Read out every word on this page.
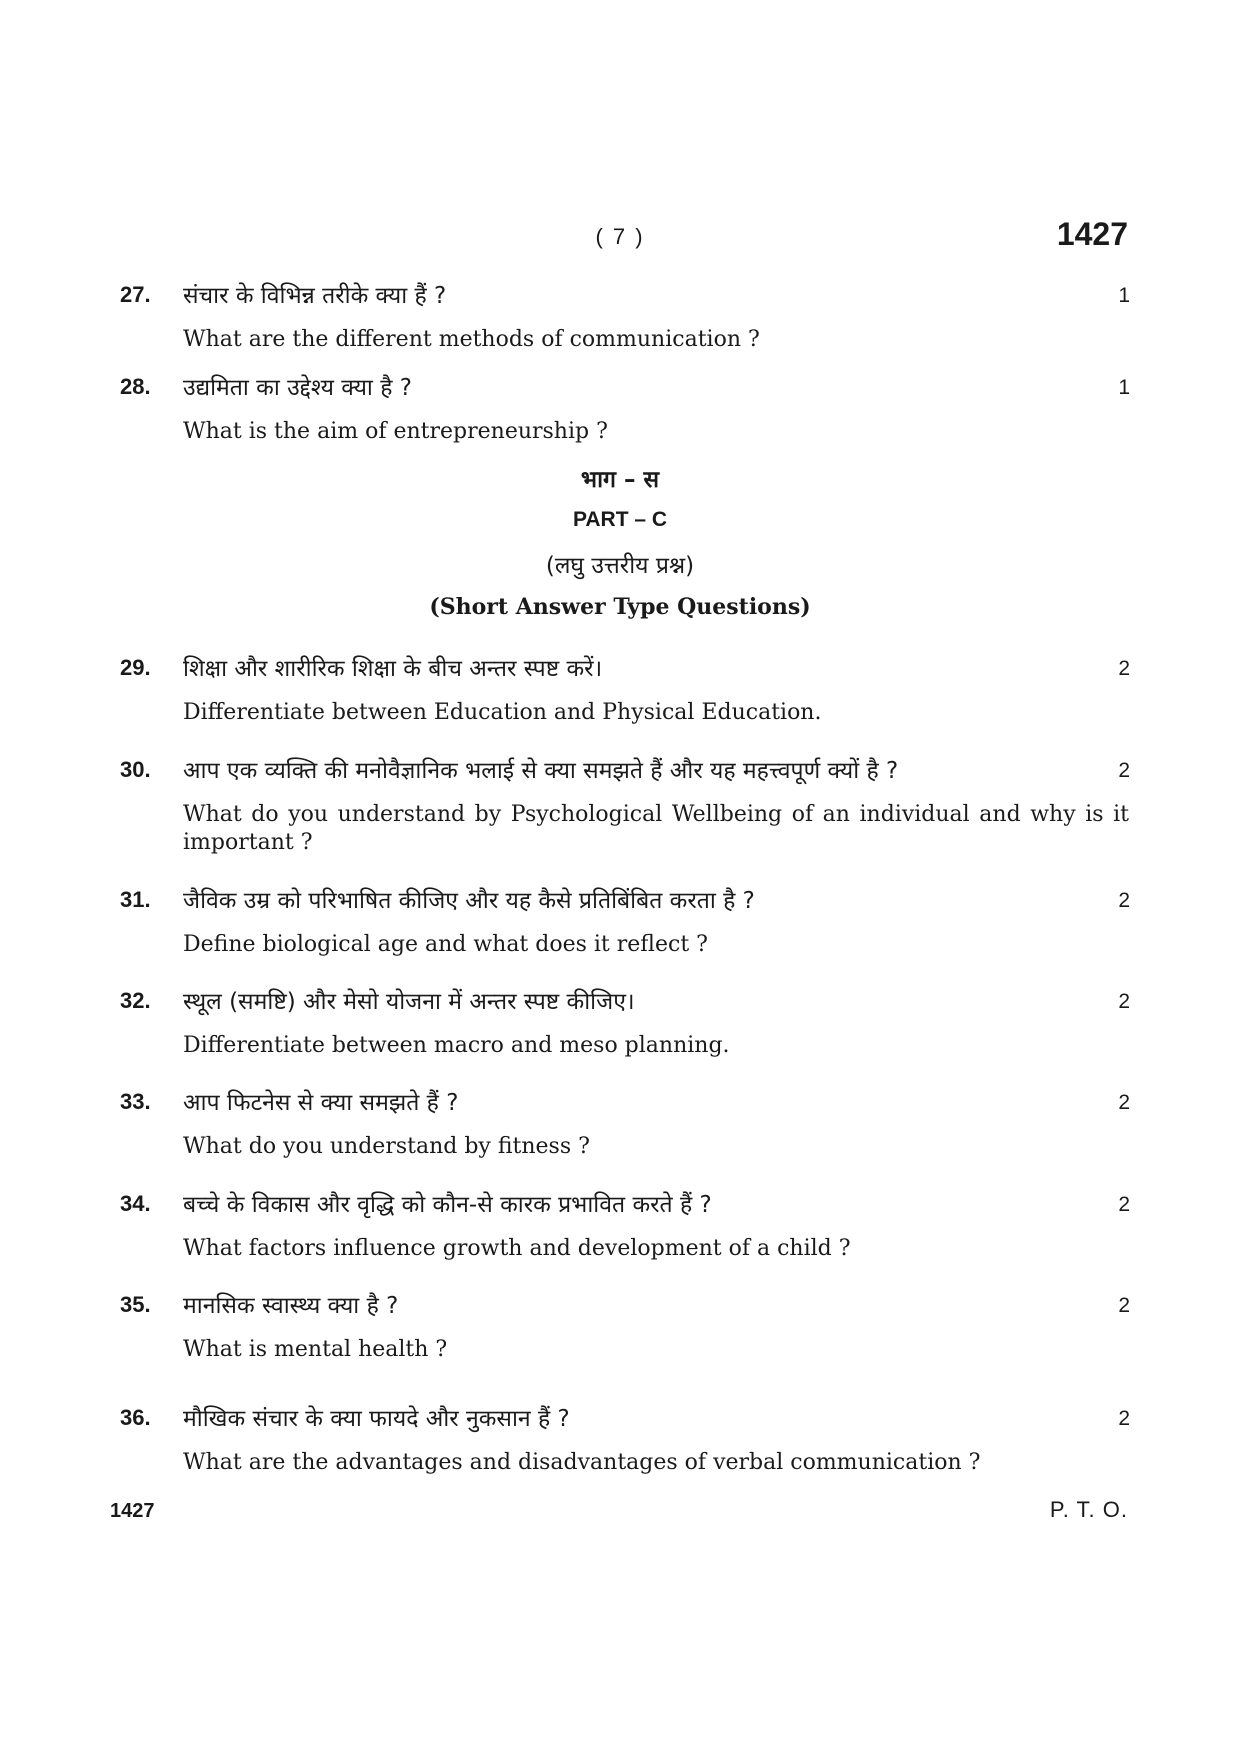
( 7 )	1427
27. संचार के विभिन्न तरीके क्या हैं ?	1
What are the different methods of communication ?
28. उद्यमिता का उद्देश्य क्या है ?	1
What is the aim of entrepreneurship ?
भाग – स
PART – C
(लघु उत्तरीय प्रश्न)
(Short Answer Type Questions)
29. शिक्षा और शारीरिक शिक्षा के बीच अन्तर स्पष्ट करें।	2
Differentiate between Education and Physical Education.
30. आप एक व्यक्ति की मनोवैज्ञानिक भलाई से क्या समझते हैं और यह महत्त्वपूर्ण क्यों है ?	2
What do you understand by Psychological Wellbeing of an individual and why is it important ?
31. जैविक उम्र को परिभाषित कीजिए और यह कैसे प्रतिबिंबित करता है ?	2
Define biological age and what does it reflect ?
32. स्थूल (समष्टि) और मेसो योजना में अन्तर स्पष्ट कीजिए।	2
Differentiate between macro and meso planning.
33. आप फिटनेस से क्या समझते हैं ?	2
What do you understand by fitness ?
34. बच्चे के विकास और वृद्धि को कौन-से कारक प्रभावित करते हैं ?	2
What factors influence growth and development of a child ?
35. मानसिक स्वास्थ्य क्या है ?	2
What is mental health ?
36. मौखिक संचार के क्या फायदे और नुकसान हैं ?	2
What are the advantages and disadvantages of verbal communication ?
1427	P. T. O.
